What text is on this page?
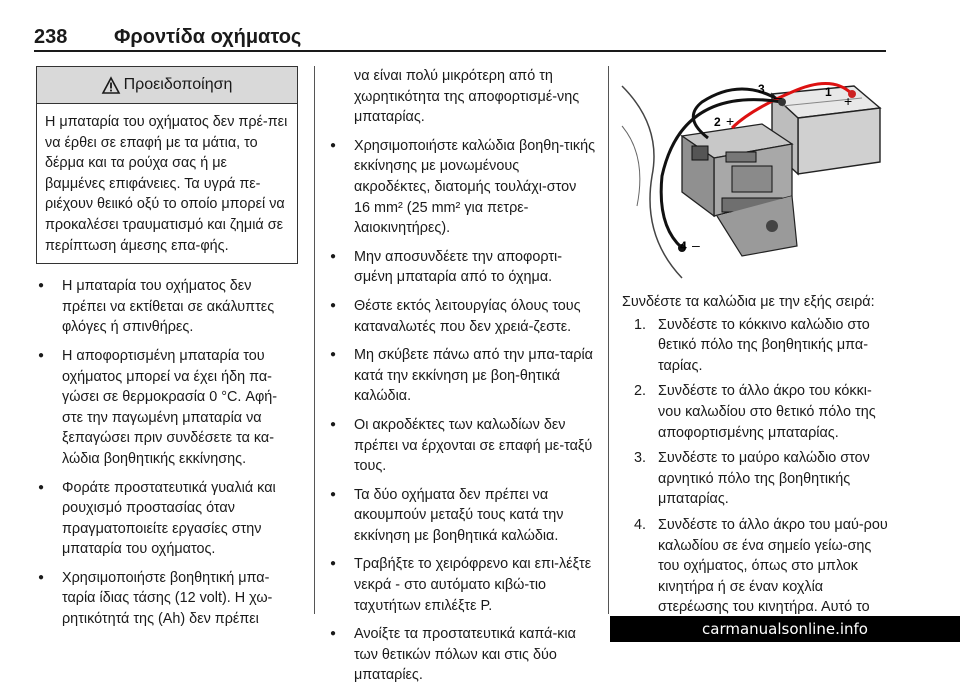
238 Φροντίδα οχήματος
Προειδοποίηση
Η μπαταρία του οχήματος δεν πρέ-πει να έρθει σε επαφή με τα μάτια, το δέρμα και τα ρούχα σας ή με βαμμένες επιφάνειες. Τα υγρά πε-ριέχουν θειικό οξύ το οποίο μπορεί να προκαλέσει τραυματισμό και ζημιά σε περίπτωση άμεσης επα-φής.
● Η μπαταρία του οχήματος δεν πρέπει να εκτίθεται σε ακάλυπτες φλόγες ή σπινθήρες.
● Η αποφορτισμένη μπαταρία του οχήματος μπορεί να έχει ήδη πα-γώσει σε θερμοκρασία 0 °C. Αφή-στε την παγωμένη μπαταρία να ξεπαγώσει πριν συνδέσετε τα κα-λώδια βοηθητικής εκκίνησης.
● Φοράτε προστατευτικά γυαλιά και ρουχισμό προστασίας όταν πραγματοποιείτε εργασίες στην μπαταρία του οχήματος.
● Χρησιμοποιήστε βοηθητική μπα-ταρία ίδιας τάσης (12 volt). Η χω-ρητικότητά της (Ah) δεν πρέπει
να είναι πολύ μικρότερη από τη χωρητικότητα της αποφορτισμέ-νης μπαταρίας.
● Χρησιμοποιήστε καλώδια βοηθη-τικής εκκίνησης με μονωμένους ακροδέκτες, διατομής τουλάχι-στον 16 mm² (25 mm² για πετρε-λαιοκινητήρες).
● Μην αποσυνδέετε την αποφορτι-σμένη μπαταρία από το όχημα.
● Θέστε εκτός λειτουργίας όλους τους καταναλωτές που δεν χρειά-ζεστε.
● Μη σκύβετε πάνω από την μπα-ταρία κατά την εκκίνηση με βοη-θητικά καλώδια.
● Οι ακροδέκτες των καλωδίων δεν πρέπει να έρχονται σε επαφή με-ταξύ τους.
● Τα δύο οχήματα δεν πρέπει να ακουμπούν μεταξύ τους κατά την εκκίνηση με βοηθητικά καλώδια.
● Τραβήξτε το χειρόφρενο και επι-λέξτε νεκρά - στο αυτόματο κιβώ-τιο ταχυτήτων επιλέξτε P.
● Ανοίξτε τα προστατευτικά καπά-κια των θετικών πόλων και στις δύο μπαταρίες.
3 –	1
+
2 +
4 –
Συνδέστε τα καλώδια με την εξής σειρά:
1. Συνδέστε το κόκκινο καλώδιο στο θετικό πόλο της βοηθητικής μπα-ταρίας.
2. Συνδέστε το άλλο άκρο του κόκκι-νου καλωδίου στο θετικό πόλο της αποφορτισμένης μπαταρίας.
3. Συνδέστε το μαύρο καλώδιο στον αρνητικό πόλο της βοηθητικής μπαταρίας.
4. Συνδέστε το άλλο άκρο του μαύ-ρου καλωδίου σε ένα σημείο γείω-σης του οχήματος, όπως στο μπλοκ κινητήρα ή σε έναν κοχλία στερέωσης του κινητήρα. Αυτό το
carmanualsonline.info
